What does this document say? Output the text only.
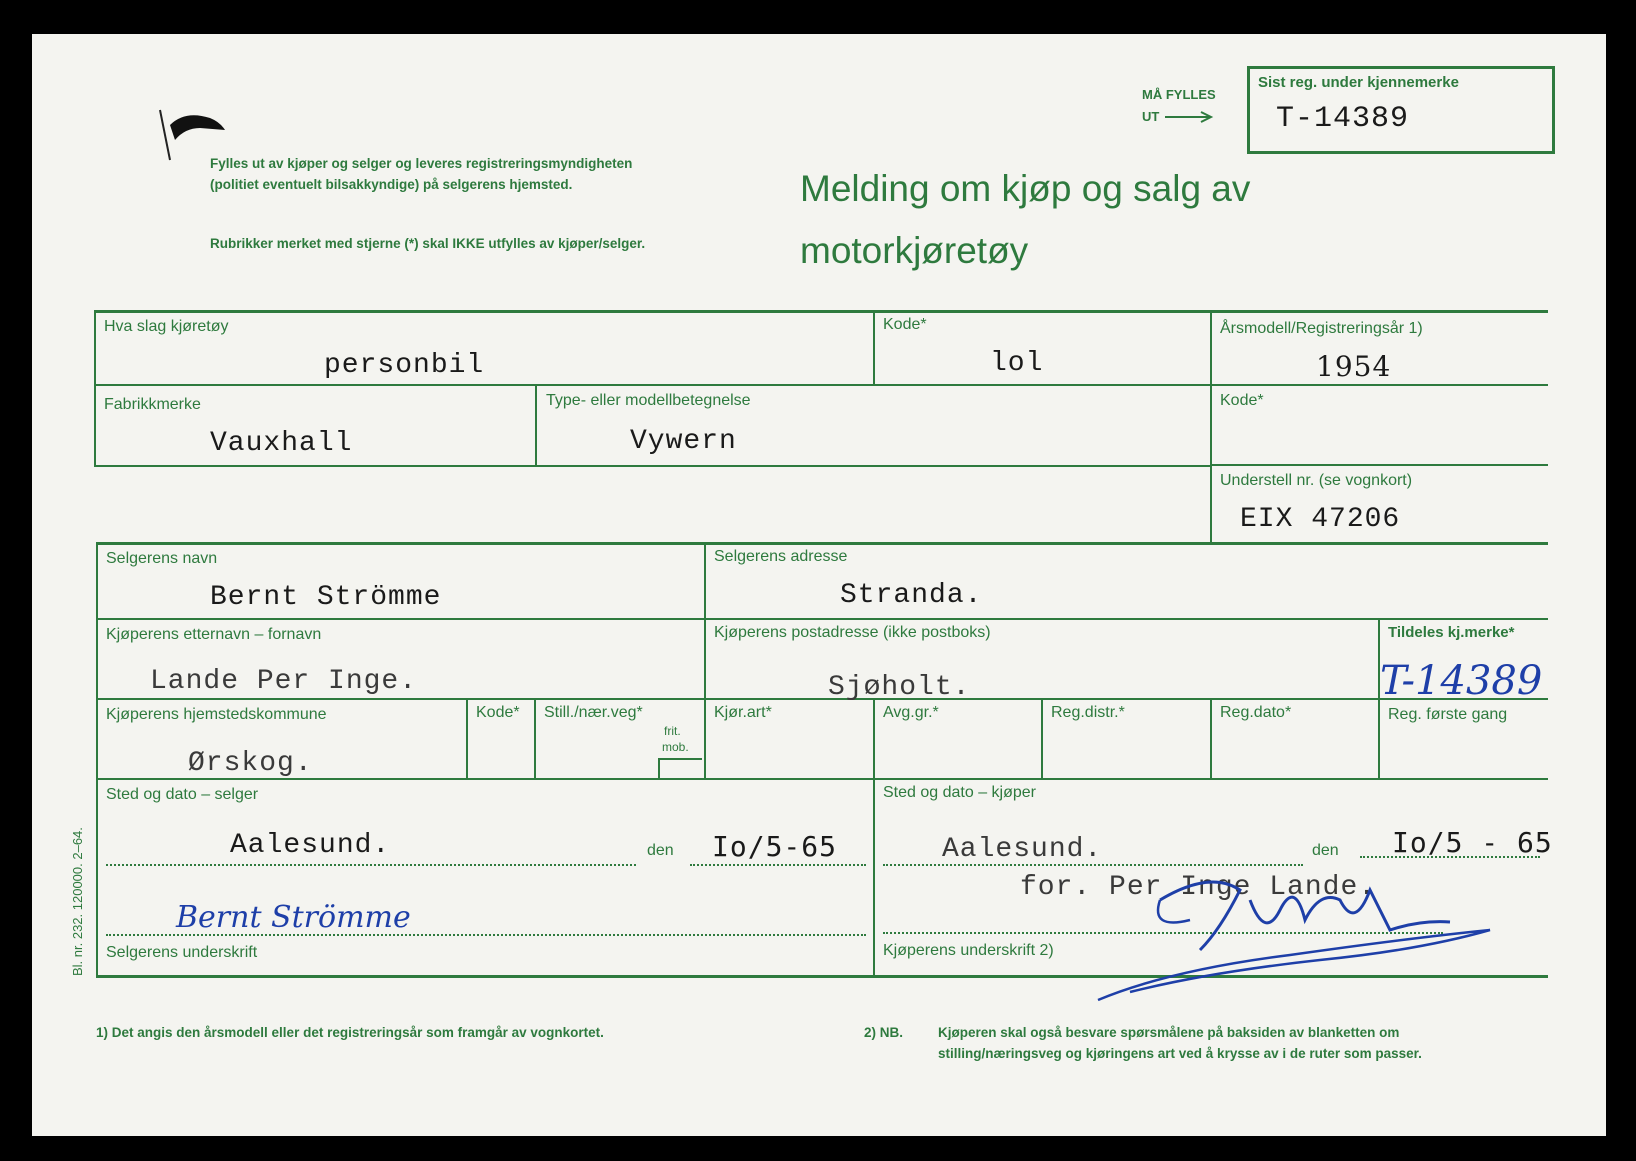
MÅ FYLLES
UT
Sist reg. under kjennemerke
T-14389
Fylles ut av kjøper og selger og leveres registreringsmyndigheten (politiet eventuelt bilsakkyndige) på selgerens hjemsted.
Rubrikker merket med stjerne (*) skal IKKE utfylles av kjøper/selger.
Melding om kjøp og salg av
motorkjøretøy
Hva slag kjøretøy
personbil
Kode*
lol
Årsmodell/Registreringsår 1)
1954
Fabrikkmerke
Vauxhall
Type- eller modellbetegnelse
Vywern
Kode*
Understell nr. (se vognkort)
EIX 47206
Selgerens navn
Bernt Strömme
Selgerens adresse
Stranda.
Kjøperens etternavn – fornavn
Lande Per Inge.
Kjøperens postadresse (ikke postboks)
Sjøholt.
Tildeles kj.merke*
T-14389
Kjøperens hjemstedskommune
Ørskog.
Kode* Still./nær.veg*
frit.
mob.
Kjør.art*	Avg.gr.*	Reg.distr.*	Reg.dato*	Reg. første gang
Sted og dato – selger
Aalesund.	den Io/5-65
Bernt Strömme
Selgerens underskrift
Sted og dato – kjøper
Aalesund.	den Io/5 - 65
for. Per Inge Lande.
Kjøperens underskrift 2)
Bl. nr. 232. 120000. 2–64.
1) Det angis den årsmodell eller det registreringsår som framgår av vognkortet.	2) NB.	Kjøperen skal også besvare spørsmålene på baksiden av blanketten om stilling/næringsveg og kjøringens art ved å krysse av i de ruter som passer.
